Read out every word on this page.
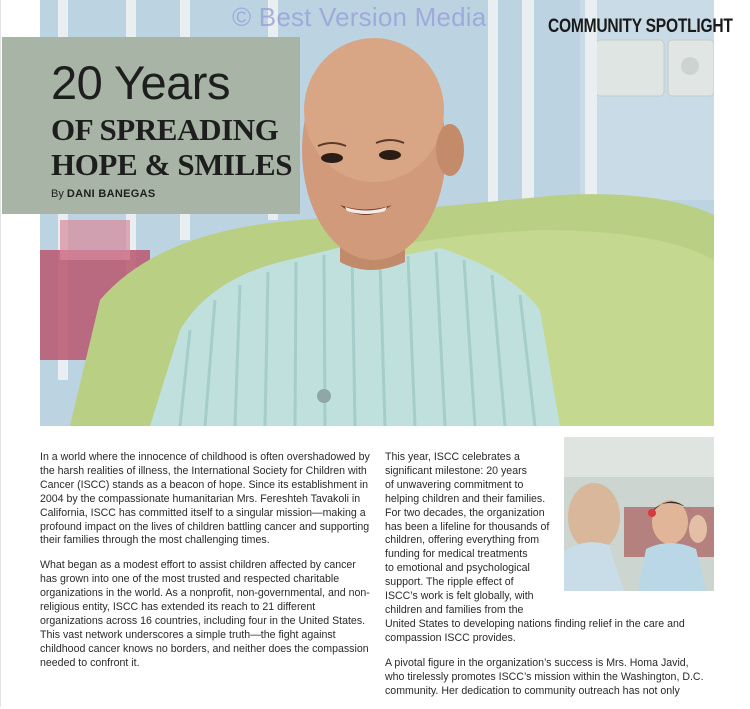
© Best Version Media	COMMUNITY SPOTLIGHT
20 Years
OF SPREADING
HOPE & SMILES
By DANI BANEGAS

In a world where the innocence of childhood is often overshadowed by the harsh realities of illness, the International Society for Children with Cancer (ISCC) stands as a beacon of hope. Since its establishment in 2004 by the compassionate humanitarian Mrs. Fereshteh Tavakoli in California, ISCC has committed itself to a singular mission—making a profound impact on the lives of children battling cancer and supporting their families through the most challenging times.

What began as a modest effort to assist children affected by cancer has grown into one of the most trusted and respected charitable organizations in the world. As a nonprofit, non-governmental, and non-religious entity, ISCC has extended its reach to 21 different organizations across 16 countries, including four in the United States. This vast network underscores a simple truth—the fight against childhood cancer knows no borders, and neither does the compassion needed to confront it.

This year, ISCC celebrates a
significant milestone: 20 years
of unwavering commitment to
helping children and their families.
For two decades, the organization
has been a lifeline for thousands of
children, offering everything from
funding for medical treatments
to emotional and psychological
support. The ripple effect of
ISCC’s work is felt globally, with
children and families from the
United States to developing nations finding relief in the care and
compassion ISCC provides.

A pivotal figure in the organization’s success is Mrs. Homa Javid, who tirelessly promotes ISCC’s mission within the Washington, D.C. community. Her dedication to community outreach has not only
